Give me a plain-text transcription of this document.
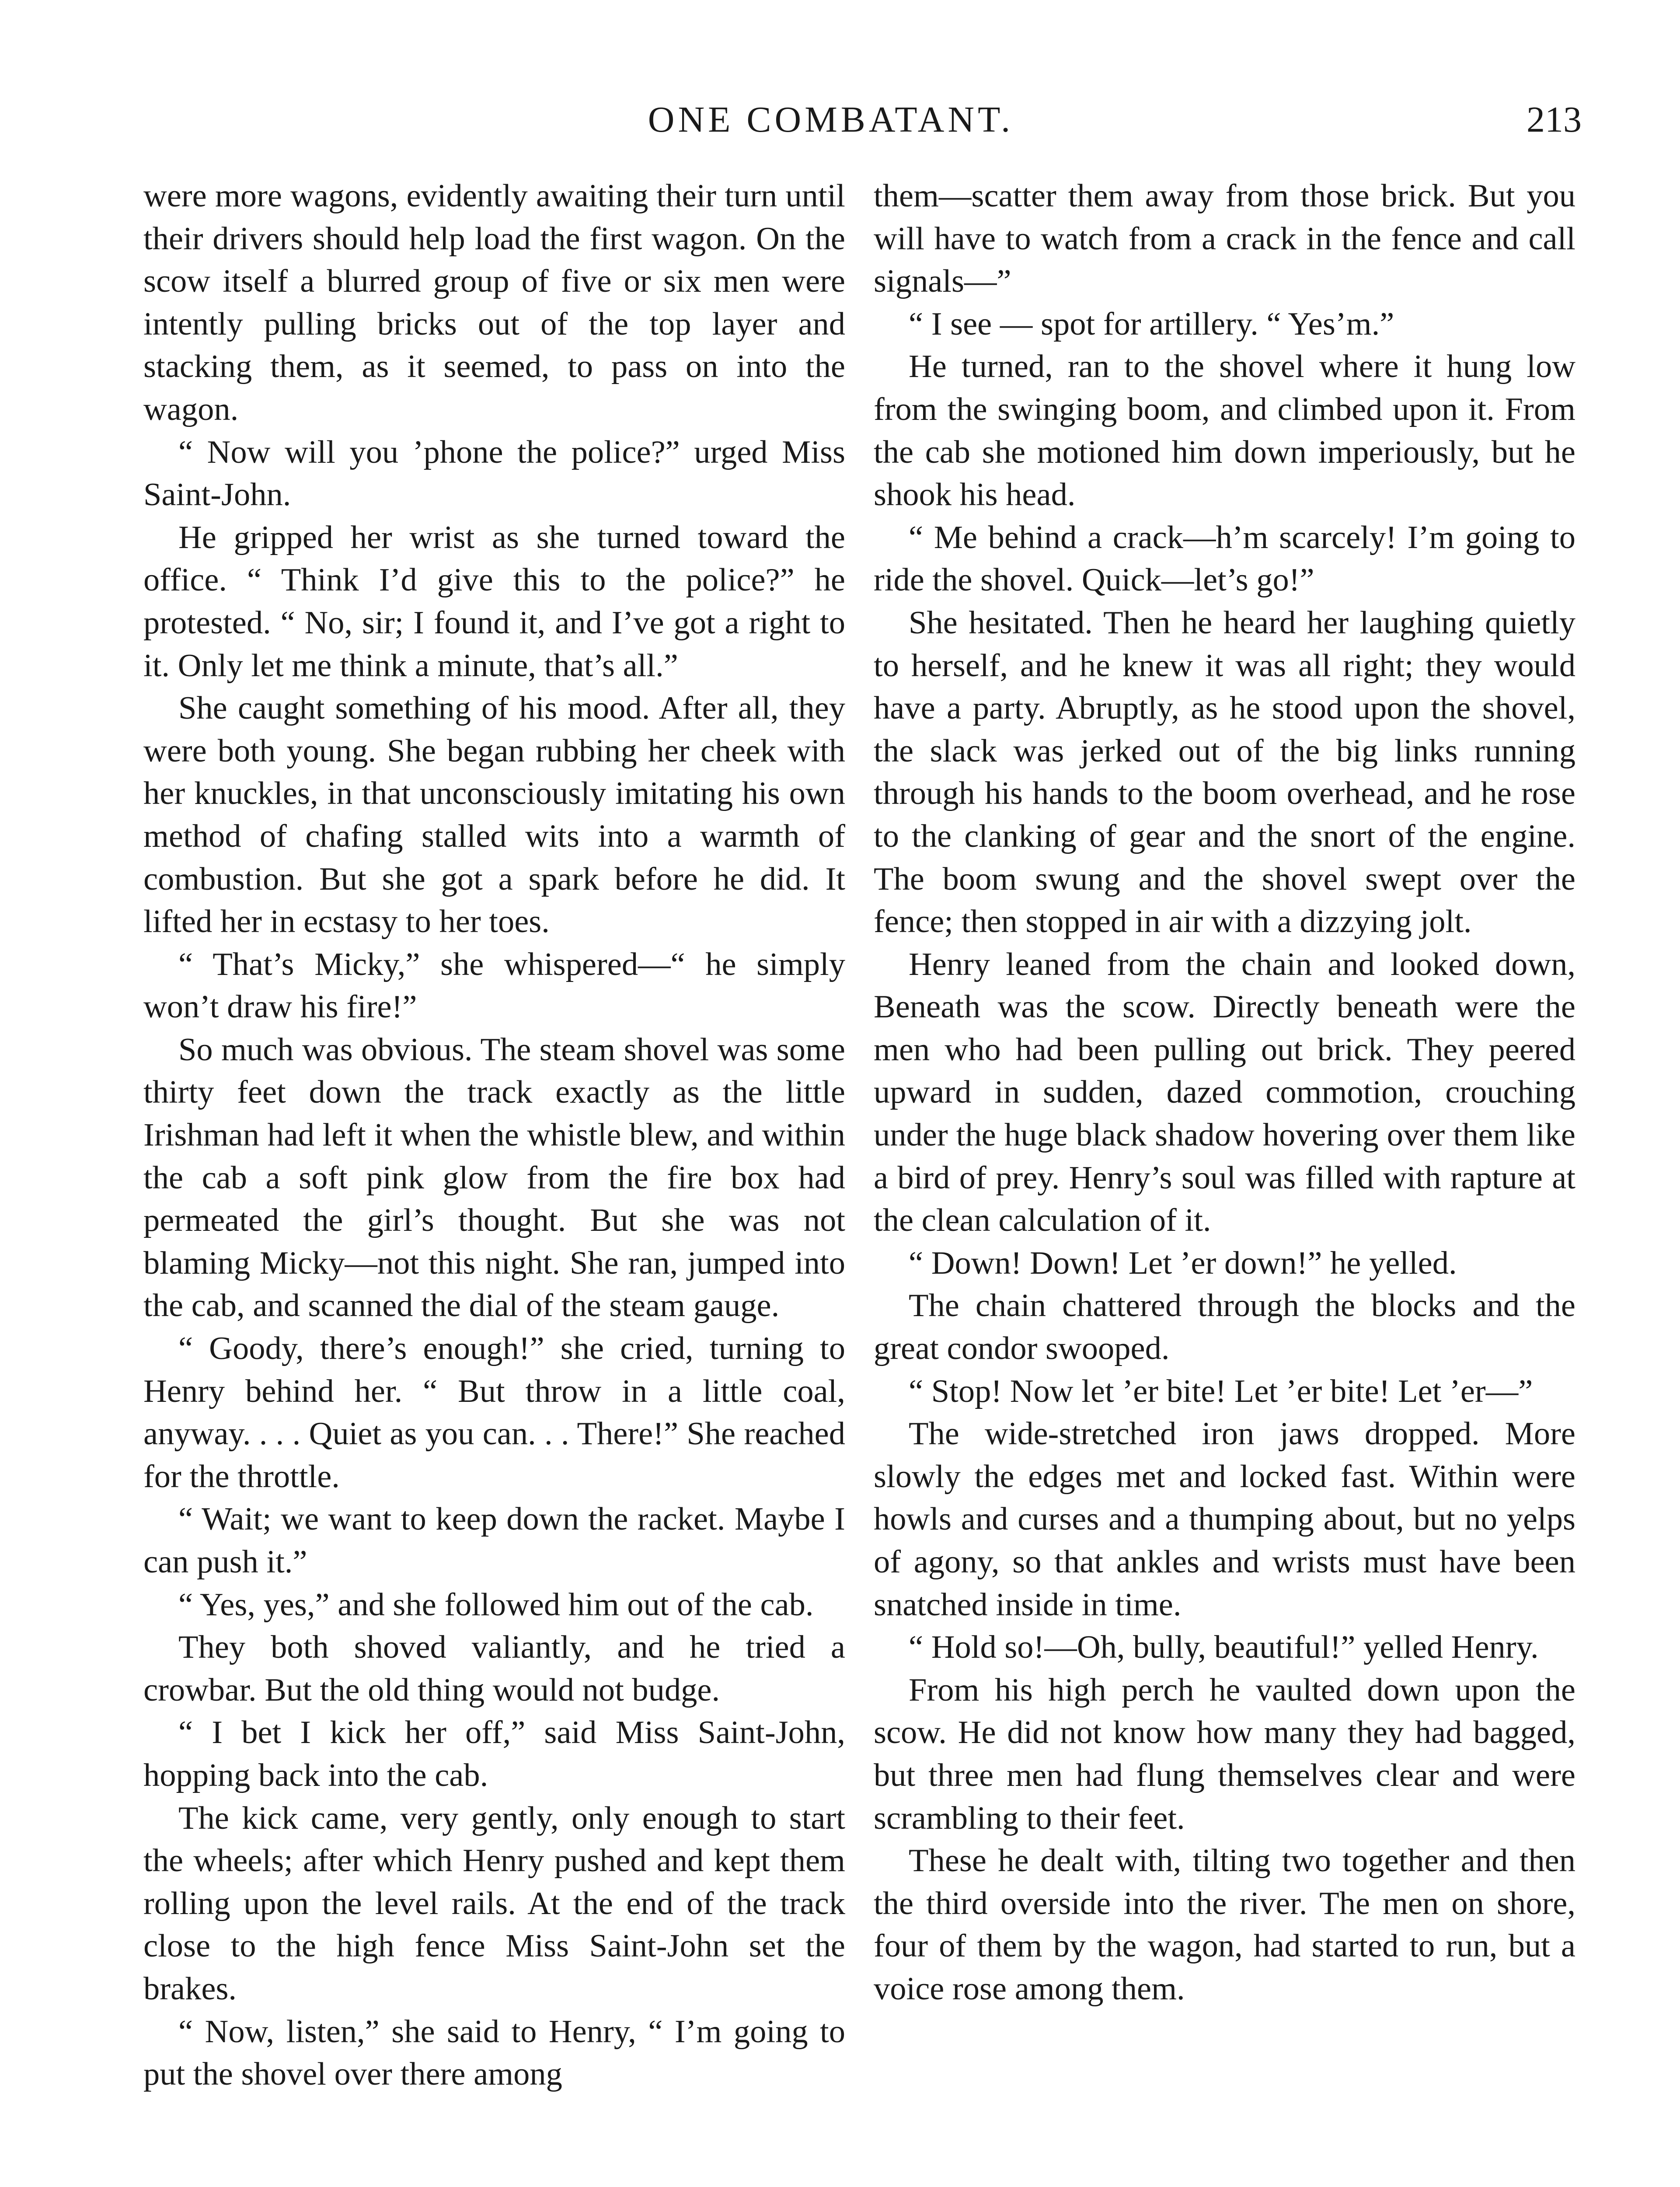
ONE COMBATANT.	213

were more wagons, evidently awaiting their turn until their drivers should help load the first wagon. On the scow itself a blurred group of five or six men were intently pulling bricks out of the top layer and stacking them, as it seemed, to pass on into the wagon.

“ Now will you ’phone the police?” urged Miss Saint-John.

He gripped her wrist as she turned toward the office. “ Think I’d give this to the police?” he protested. “ No, sir; I found it, and I’ve got a right to it. Only let me think a minute, that’s all.”

She caught something of his mood. After all, they were both young. She began rubbing her cheek with her knuckles, in that unconsciously imitating his own method of chafing stalled wits into a warmth of combustion. But she got a spark before he did. It lifted her in ecstasy to her toes.

“ That’s Micky,” she whispered—“ he simply won’t draw his fire!”

So much was obvious. The steam shovel was some thirty feet down the track exactly as the little Irishman had left it when the whistle blew, and within the cab a soft pink glow from the fire box had permeated the girl’s thought. But she was not blaming Micky—not this night. She ran, jumped into the cab, and scanned the dial of the steam gauge.

“ Goody, there’s enough!” she cried, turning to Henry behind her. “ But throw in a little coal, anyway. . . . Quiet as you can. . . There!” She reached for the throttle.

“ Wait; we want to keep down the racket. Maybe I can push it.”

“ Yes, yes,” and she followed him out of the cab.

They both shoved valiantly, and he tried a crowbar. But the old thing would not budge.

“ I bet I kick her off,” said Miss Saint-John, hopping back into the cab.

The kick came, very gently, only enough to start the wheels; after which Henry pushed and kept them rolling upon the level rails. At the end of the track close to the high fence Miss Saint-John set the brakes.

“ Now, listen,” she said to Henry, “ I’m going to put the shovel over there among

them—scatter them away from those brick. But you will have to watch from a crack in the fence and call signals—”

“ I see — spot for artillery. “ Yes’m.”

He turned, ran to the shovel where it hung low from the swinging boom, and climbed upon it. From the cab she motioned him down imperiously, but he shook his head.

“ Me behind a crack—h’m scarcely! I’m going to ride the shovel. Quick—let’s go!”

She hesitated. Then he heard her laughing quietly to herself, and he knew it was all right; they would have a party. Abruptly, as he stood upon the shovel, the slack was jerked out of the big links running through his hands to the boom overhead, and he rose to the clanking of gear and the snort of the engine. The boom swung and the shovel swept over the fence; then stopped in air with a dizzying jolt.

Henry leaned from the chain and looked down, Beneath was the scow. Directly beneath were the men who had been pulling out brick. They peered upward in sudden, dazed commotion, crouching under the huge black shadow hovering over them like a bird of prey. Henry’s soul was filled with rapture at the clean calculation of it.

“ Down! Down! Let ’er down!” he yelled.

The chain chattered through the blocks and the great condor swooped.

“ Stop! Now let ’er bite! Let ’er bite! Let ’er—”

The wide-stretched iron jaws dropped. More slowly the edges met and locked fast. Within were howls and curses and a thumping about, but no yelps of agony, so that ankles and wrists must have been snatched inside in time.

“ Hold so!—Oh, bully, beautiful!” yelled Henry.

From his high perch he vaulted down upon the scow. He did not know how many they had bagged, but three men had flung themselves clear and were scrambling to their feet.

These he dealt with, tilting two together and then the third overside into the river. The men on shore, four of them by the wagon, had started to run, but a voice rose among them.
